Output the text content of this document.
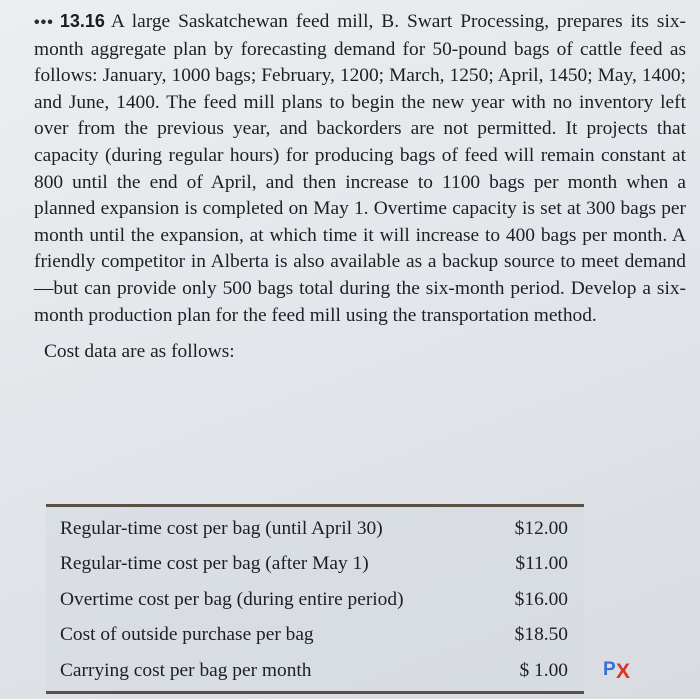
••• 13.16 A large Saskatchewan feed mill, B. Swart Processing, prepares its six-month aggregate plan by forecasting demand for 50-pound bags of cattle feed as follows: January, 1000 bags; February, 1200; March, 1250; April, 1450; May, 1400; and June, 1400. The feed mill plans to begin the new year with no inventory left over from the previous year, and backorders are not permitted. It projects that capacity (during regular hours) for producing bags of feed will remain constant at 800 until the end of April, and then increase to 1100 bags per month when a planned expansion is completed on May 1. Overtime capacity is set at 300 bags per month until the expansion, at which time it will increase to 400 bags per month. A friendly competitor in Alberta is also available as a backup source to meet demand—but can provide only 500 bags total during the six-month period. Develop a six-month production plan for the feed mill using the transportation method.

Cost data are as follows:
Regular-time cost per bag (until April 30)	$12.00
Regular-time cost per bag (after May 1)	$11.00
Overtime cost per bag (during entire period)	$16.00
Cost of outside purchase per bag	$18.50
Carrying cost per bag per month	$ 1.00 P X
